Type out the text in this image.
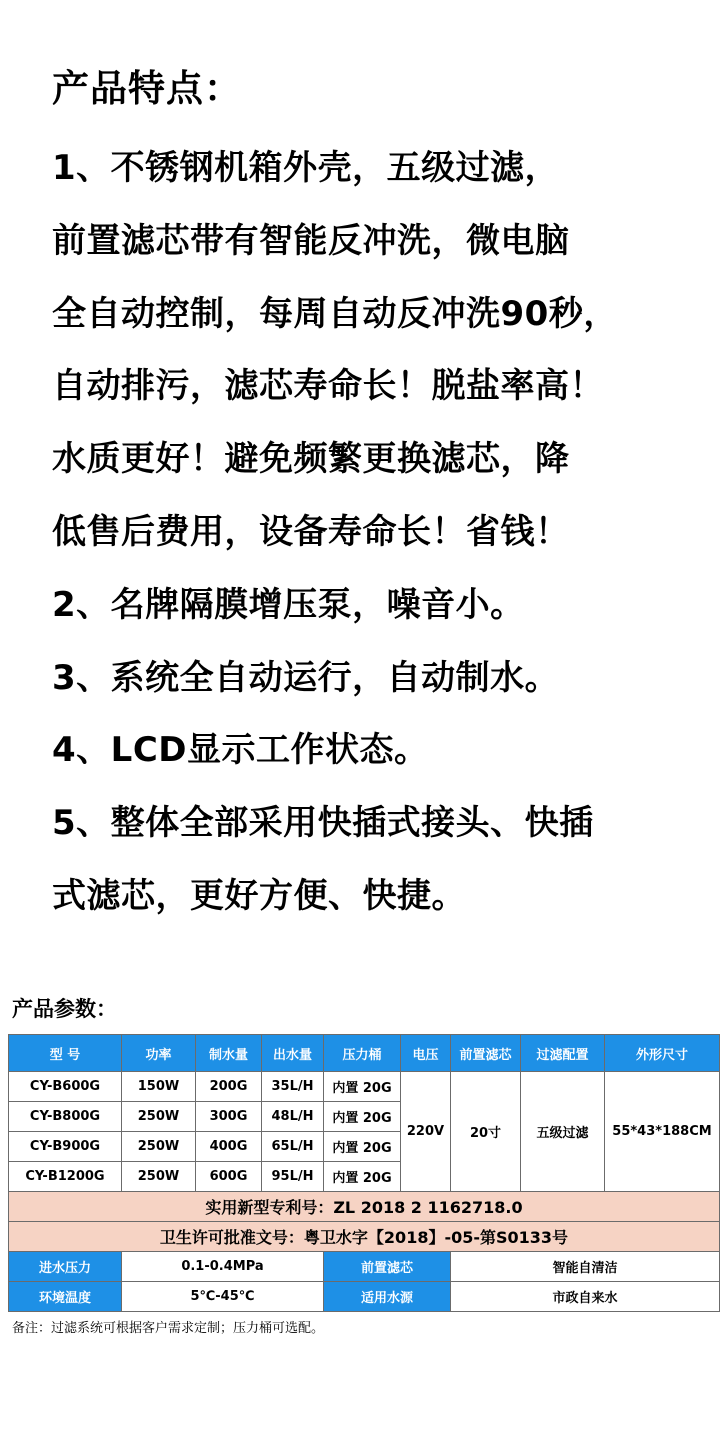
产品特点：
1、不锈钢机箱外壳，五级过滤，
前置滤芯带有智能反冲洗，微电脑
全自动控制，每周自动反冲洗90秒，
自动排污，滤芯寿命长！脱盐率高！
水质更好！避免频繁更换滤芯，降
低售后费用，设备寿命长！省钱！
2、名牌隔膜增压泵，噪音小。
3、系统全自动运行，自动制水。
4、LCD显示工作状态。
5、整体全部采用快插式接头、快插
式滤芯，更好方便、快捷。
产品参数：
型 号	功率	制水量	出水量	压力桶	电压	前置滤芯	过滤配置	外形尺寸
CY-B600G	150W	200G	35L/H	内置 20G	220V	20寸	五级过滤	55*43*188CM
CY-B800G	250W	300G	48L/H	内置 20G				
CY-B900G	250W	400G	65L/H	内置 20G				
CY-B1200G	250W	600G	95L/H	内置 20G				
实用新型专利号：ZL 2018 2 1162718.0								
卫生许可批准文号：粤卫水字【2018】-05-第S0133号								
进水压力	0.1-0.4MPa			前置滤芯		智能自清洁		
环境温度	5℃-45℃			适用水源		市政自来水		
备注：过滤系统可根据客户需求定制；压力桶可选配。
